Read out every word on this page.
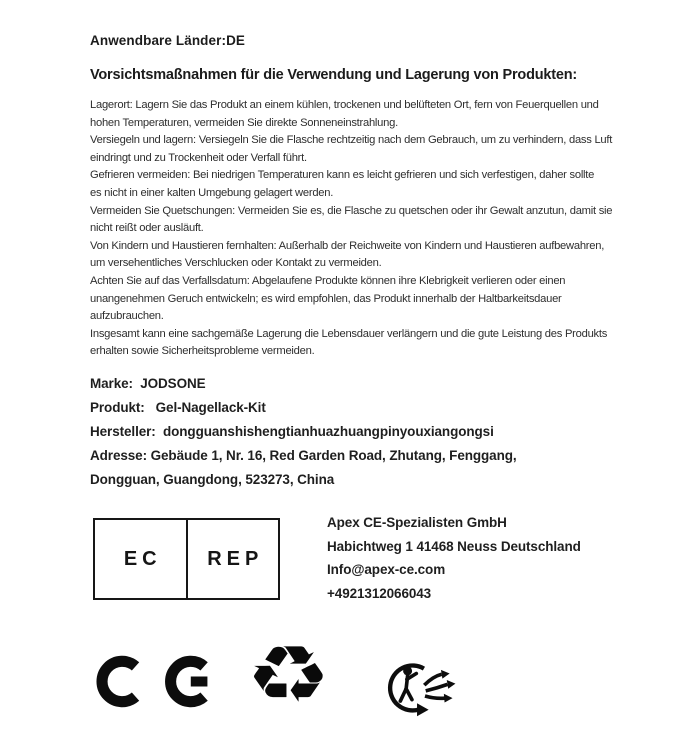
Anwendbare Länder:DE
Vorsichtsmaßnahmen für die Verwendung und Lagerung von Produkten:
Lagerort: Lagern Sie das Produkt an einem kühlen, trockenen und belüfteten Ort, fern von Feuerquellen und
hohen Temperaturen, vermeiden Sie direkte Sonneneinstrahlung.
Versiegeln und lagern: Versiegeln Sie die Flasche rechtzeitig nach dem Gebrauch, um zu verhindern, dass Luft
eindringt und zu Trockenheit oder Verfall führt.
Gefrieren vermeiden: Bei niedrigen Temperaturen kann es leicht gefrieren und sich verfestigen, daher sollte
es nicht in einer kalten Umgebung gelagert werden.
Vermeiden Sie Quetschungen: Vermeiden Sie es, die Flasche zu quetschen oder ihr Gewalt anzutun, damit sie
nicht reißt oder ausläuft.
Von Kindern und Haustieren fernhalten: Außerhalb der Reichweite von Kindern und Haustieren aufbewahren,
um versehentliches Verschlucken oder Kontakt zu vermeiden.
Achten Sie auf das Verfallsdatum: Abgelaufene Produkte können ihre Klebrigkeit verlieren oder einen
unangenehmen Geruch entwickeln; es wird empfohlen, das Produkt innerhalb der Haltbarkeitsdauer
aufzubrauchen.
Insgesamt kann eine sachgemäße Lagerung die Lebensdauer verlängern und die gute Leistung des Produkts
erhalten sowie Sicherheitsprobleme vermeiden.
Marke:  JODSONE
Produkt:   Gel-Nagellack-Kit
Hersteller:  dongguanshishengtianhuazhuangpinyouxiangongsi
Adresse: Gebäude 1, Nr. 16, Red Garden Road, Zhutang, Fenggang,
Dongguan, Guangdong, 523273, China
EC	REP
Apex CE-Spezialisten GmbH
Habichtweg 1 41468 Neuss Deutschland
Info@apex-ce.com
+4921312066043
♻
